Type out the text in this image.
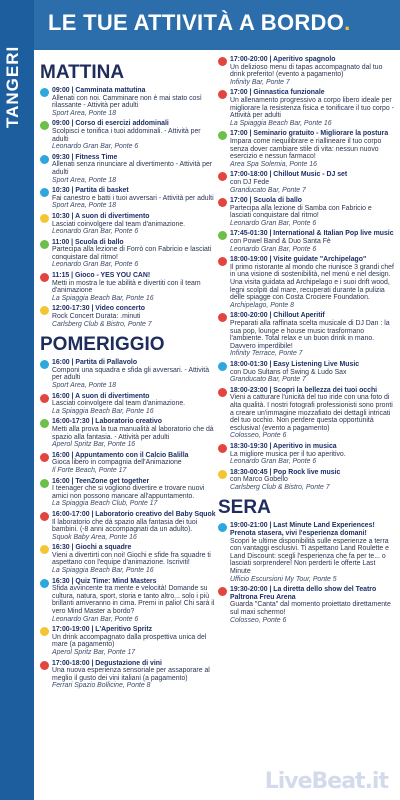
TANGERI
LE TUE ATTIVITÀ A BORDO.
MATTINA
09:00 | Camminata mattutina
Allenati con noi. Camminare non è mai stato così rilassante - Attività per adulti
Sport Area, Ponte 18
09:00 | Corso di esercizi addominali
Scolpisci e tonifica i tuoi addominali. - Attività per adulti
Leonardo Gran Bar, Ponte 6
09:30 | Fitness Time
Allenati senza rinunciare al divertimento - Attività per adulti
Sport Area, Ponte 18
10:30 | Partita di basket
Fai canestro e batti i tuoi avversari - Attività per adulti
Sport Area, Ponte 18
10:30 | A suon di divertimento
Lasciati coinvolgere dal team d'animazione.
Leonardo Gran Bar, Ponte 6
11:00 | Scuola di ballo
Partecipa alla lezione di Forrò con Fabricio e lasciati conquistare dal ritmo!
Leonardo Gran Bar, Ponte 6
11:15 | Gioco - YES YOU CAN!
Metti in mostra le tue abilità e divertiti con il team d'animazione
La Spiaggia Beach Bar, Ponte 16
12:00-17:30 | Video concerto
Rock Concert Durata: .minuti
Carlsberg Club & Bistro, Ponte 7
POMERIGGIO
16:00 | Partita di Pallavolo
Componi una squadra e sfida gli avversari. - Attività per adulti
Sport Area, Ponte 18
16:00 | A suon di divertimento
Lasciati coinvolgere dal team d'animazione.
La Spiaggia Beach Bar, Ponte 16
16:00-17:30 | Laboratorio creativo
Metti alla prova la tua manualità al laboratorio che dà spazio alla fantasia. - Attività per adulti
Aperol Spritz Bar, Ponte 16
16:00 | Appuntamento con il Calcio Balilla
Gioca libero in compagnia dell'Animazione
Il Forte Beach, Ponte 17
16:00 | TeenZone get together
I teenager che si vogliono divertire e trovare nuovi amici non possono mancare all'appuntamento.
La Spiaggia Beach Club, Ponte 17
16:00-17:00 | Laboratorio creativo del Baby Squok
Il laboratorio che dà spazio alla fantasia dei tuoi bambini. (-8 anni accompagnati da un adulto).
Squok Baby Area, Ponte 16
16:30 | Giochi a squadre
Vieni a divertirti con noi! Giochi e sfide fra squadre ti aspettano con l'equipe d'animazione. Iscriviti!
La Spiaggia Beach Bar, Ponte 16
16:30 | Quiz Time: Mind Masters
Sfida avvincente tra mente e velocità! Domande su cultura, natura, sport, storia e tanto altro... solo i più brillanti arriveranno in cima. Premi in palio! Chi sarà il vero Mind Master a bordo?
Leonardo Gran Bar, Ponte 6
17:00-19:00 | L'Aperitivo Spritz
Un drink accompagnato dalla prospettiva unica del mare (a pagamento)
Aperol Spritz Bar, Ponte 17
17:00-18:00 | Degustazione di vini
Una nuova esperienza sensoriale per assaporare al meglio il gusto dei vini italiani (a pagamento)
Ferrari Spazio Bollicine, Ponte 8
17:00-20:00 | Aperitivo spagnolo
Un delizioso menu di tapas accompagnato dal tuo drink preferito! (evento a pagamento)
Infinity Bar, Ponte 7
17:00 | Ginnastica funzionale
Un allenamento progressivo a corpo libero ideale per migliorare la resistenza fisica e tonificare il tuo corpo - Attività per adulti
La Spiaggia Beach Bar, Ponte 16
17:00 | Seminario gratuito - Migliorare la postura
Impara come riequilibrare e riallineare il tuo corpo senza dover cambiare stile di vita: nessun nuovo esercizio e nessun farmaco!
Area Spa Solemia, Ponte 16
17:00-18:00 | Chillout Music - DJ set
con DJ Fede
Granducato Bar, Ponte 7
17:00 | Scuola di ballo
Partecipa alla lezione di Samba con Fabricio e lasciati conquistare dal ritmo!
Leonardo Gran Bar, Ponte 6
17:45-01:30 | International & Italian Pop live music
con Powel Band & Duo Santa Fè
Leonardo Gran Bar, Ponte 6
18:00-19:00 | Visite guidate "Archipelago"
Il primo ristorante al mondo che riunisce 3 grandi chef in una visione di sostenibilità, nel menù e nel design. Una visita guidata ad Archipelago e i suoi drift wood, legni scolpiti dal mare, recuperati durante la pulizia delle spiagge con Costa Crociere Foundation.
Archipelago, Ponte 8
18:00-20:00 | Chillout Aperitif
Preparati alla raffinata scelta musicale di DJ Dan : la sua pop, lounge e house music trasformano l'ambiente. Total relax e un buon drink in mano. Davvero imperdibile!
Infinity Terrace, Ponte 7
18:00-01:30 | Easy Listening Live Music
con Duo Sultans of Swing & Ludo Sax
Granducato Bar, Ponte 7
18:00-23:00 | Scopri la bellezza dei tuoi occhi
Vieni a catturare l'unicità del tuo iride con una foto di alta qualità. I nostri fotografi professionisti sono pronti a creare un'immagine mozzafiato dei dettagli intricati del tuo occhio. Non perdere questa opportunità esclusiva! (evento a pagamento)
Colosseo, Ponte 6
18:30-19:30 | Aperitivo in musica
La migliore musica per il tuo aperitivo.
Leonardo Gran Bar, Ponte 6
18:30-00:45 | Pop Rock live music
con Marco Gobello
Carlsberg Club & Bistro, Ponte 7
SERA
19:00-21:00 | Last Minute Land Experiences! Prenota stasera, vivi l'esperienza domani!
Scopri le ultime disponibilità sulle esperienze a terra con vantaggi esclusivi. Ti aspettano Land Roulette e Land Discount: scegli l'esperienza che fa per te... o lasciati sorprendere! Non perderti le offerte Last Minute
Ufficio Escursioni My Tour, Ponte 5
19:30-20:00 | La diretta dello show del Teatro Paltrona Freu Arena
Guarda "Canta" dal momento proiettato direttamente sul maxi schermo!
Colosseo, Ponte 6
LiveBeat.it
